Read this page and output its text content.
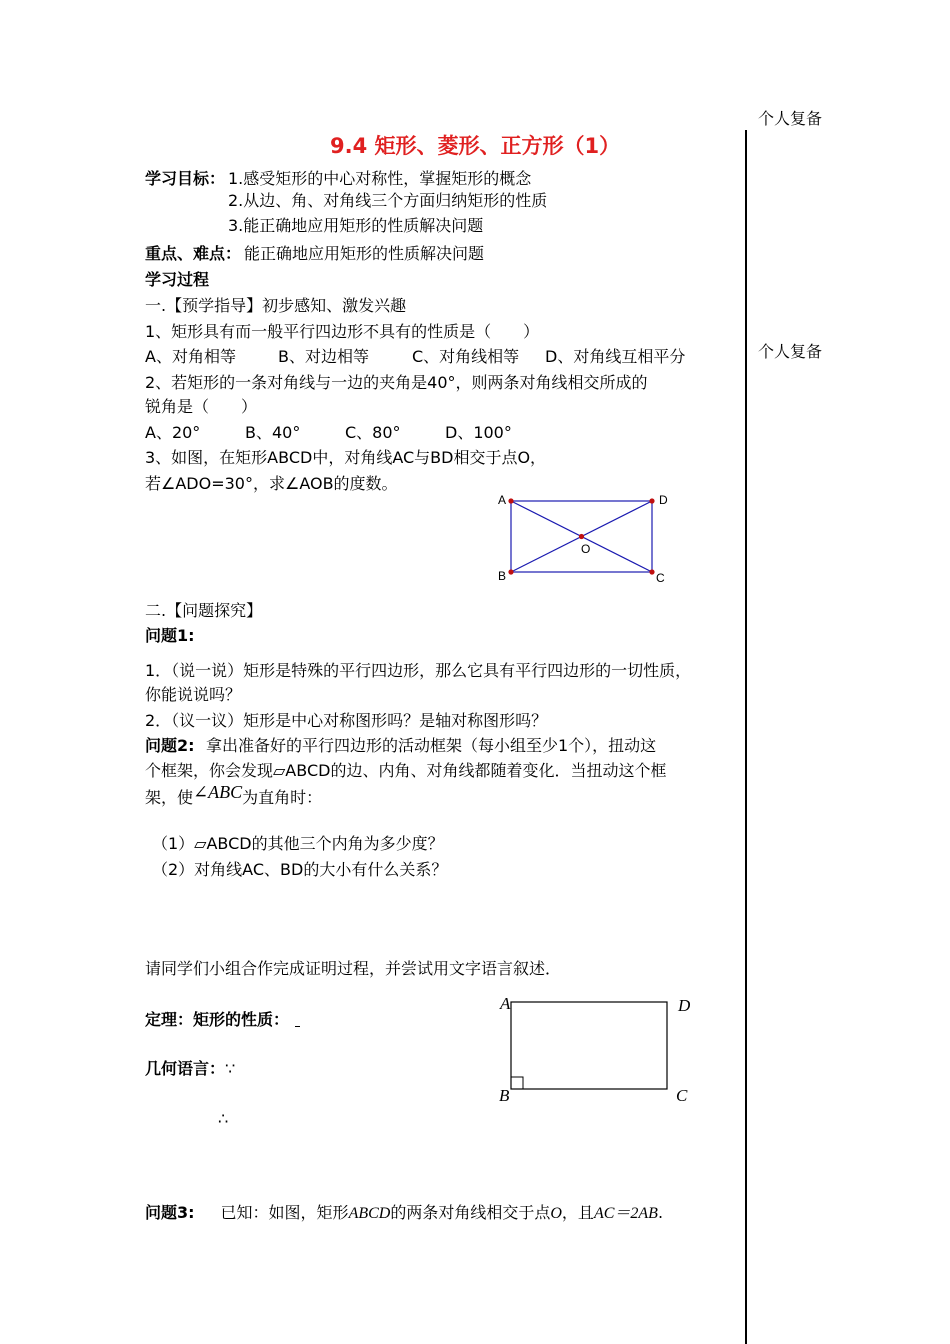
个人复备
个人复备
9.4 矩形、菱形、正方形（1）
学习目标： 1.感受矩形的中心对称性，掌握矩形的概念
2.从边、角、对角线三个方面归纳矩形的性质
3.能正确地应用矩形的性质解决问题
重点、难点： 能正确地应用矩形的性质解决问题
学习过程
一.【预学指导】初步感知、激发兴趣
1、矩形具有而一般平行四边形不具有的性质是（　　）
A、对角相等	B、对边相等	C、对角线相等 D、对角线互相平分
2、若矩形的一条对角线与一边的夹角是40°，则两条对角线相交所成的
锐角是（　　）
A、20°	B、40°	C、80°	D、100°
3、如图，在矩形ABCD中，对角线AC与BD相交于点O，
若∠ADO=30°，求∠AOB的度数。
A	D
B	C
O
二.【问题探究】
问题1:
1．（说一说）矩形是特殊的平行四边形，那么它具有平行四边形的一切性质，
你能说说吗？
2．（议一议）矩形是中心对称图形吗？是轴对称图形吗？
问题2: 拿出准备好的平行四边形的活动框架（每小组至少1个），扭动这
个框架，你会发现▱ABCD的边、内角、对角线都随着变化．当扭动这个框
架，使∠ABC为直角时：
（1）▱ABCD的其他三个内角为多少度？
（2）对角线AC、BD的大小有什么关系？
请同学们小组合作完成证明过程，并尝试用文字语言叙述．
定理：矩形的性质：
几何语言：∵
∴
A	D
B	C
问题3: 已知：如图，矩形ABCD的两条对角线相交于点O，且AC＝2AB.
